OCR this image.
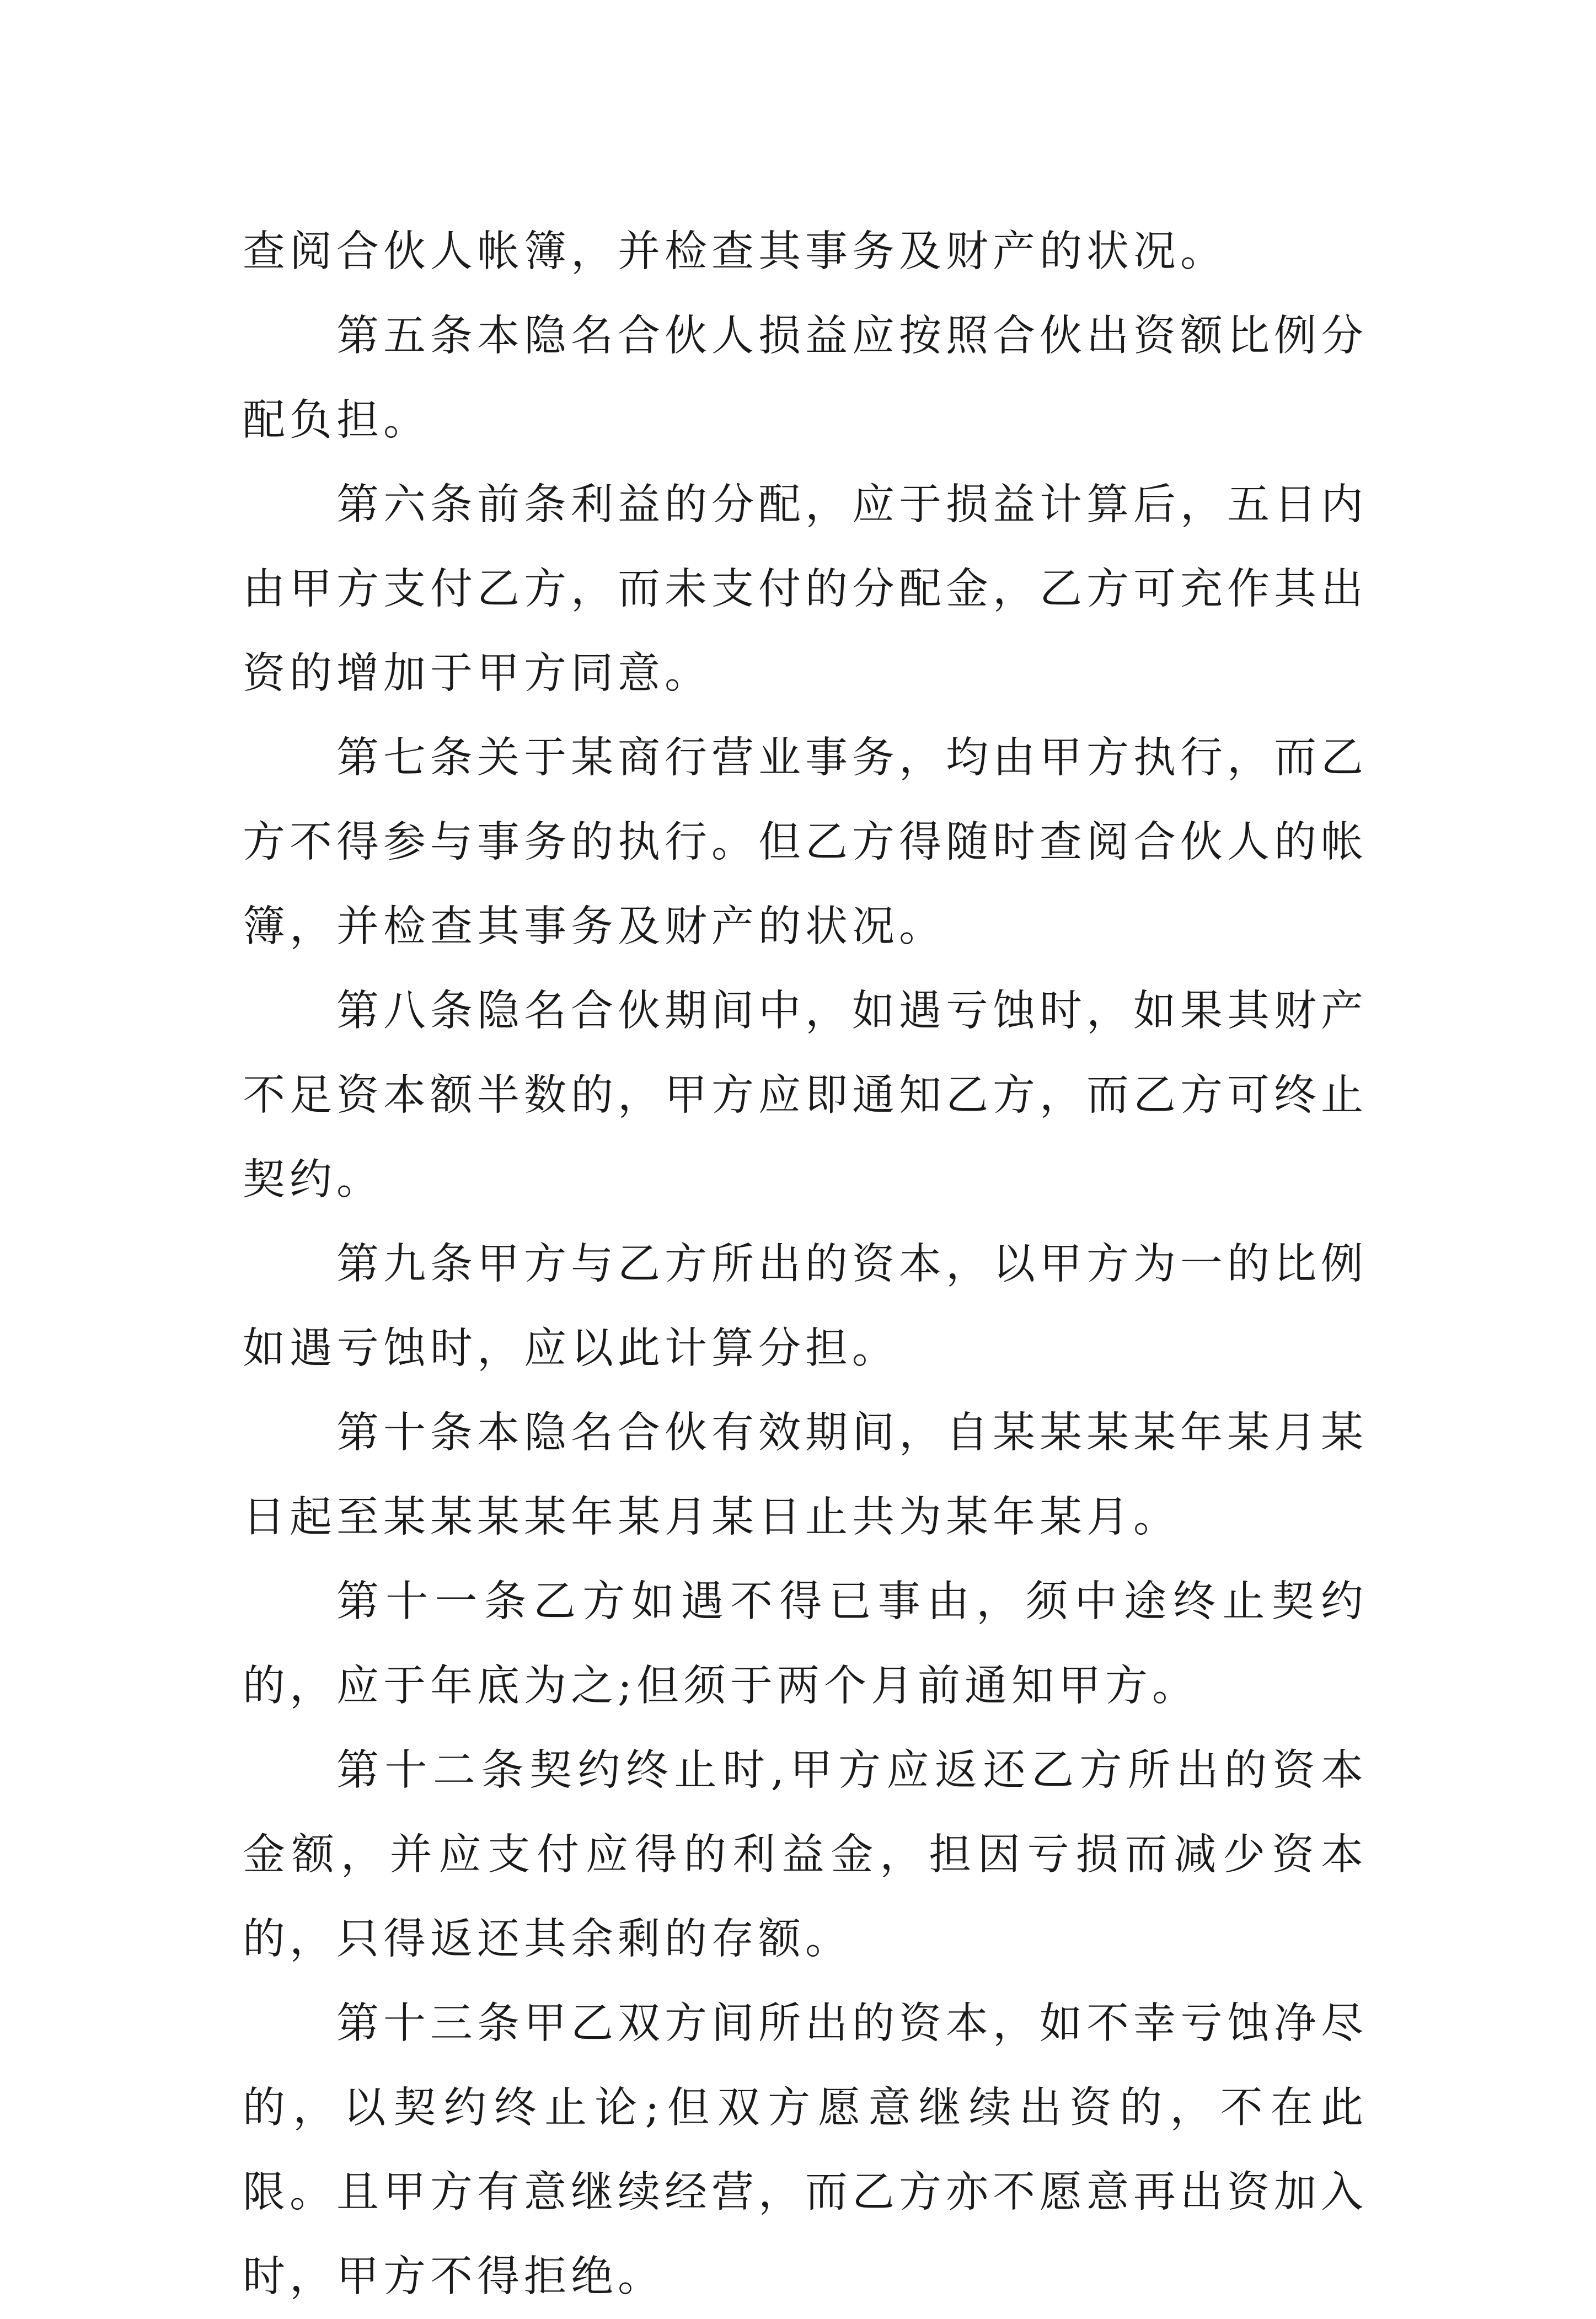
查阅合伙人帐簿，并检查其事务及财产的状况。

第五条本隐名合伙人损益应按照合伙出资额比例分配负担。

第六条前条利益的分配，应于损益计算后，五日内由甲方支付乙方，而未支付的分配金，乙方可充作其出资的增加于甲方同意。

第七条关于某商行营业事务，均由甲方执行，而乙方不得参与事务的执行。但乙方得随时查阅合伙人的帐簿，并检查其事务及财产的状况。

第八条隐名合伙期间中，如遇亏蚀时，如果其财产不足资本额半数的，甲方应即通知乙方，而乙方可终止契约。

第九条甲方与乙方所出的资本，以甲方为一的比例如遇亏蚀时，应以此计算分担。

第十条本隐名合伙有效期间，自某某某某年某月某日起至某某某某年某月某日止共为某年某月。

第十一条乙方如遇不得已事由，须中途终止契约的，应于年底为之;但须于两个月前通知甲方。

第十二条契约终止时,甲方应返还乙方所出的资本金额，并应支付应得的利益金，担因亏损而减少资本的，只得返还其余剩的存额。

第十三条甲乙双方间所出的资本，如不幸亏蚀净尽的，以契约终止论;但双方愿意继续出资的，不在此限。且甲方有意继续经营，而乙方亦不愿意再出资加入时，甲方不得拒绝。
